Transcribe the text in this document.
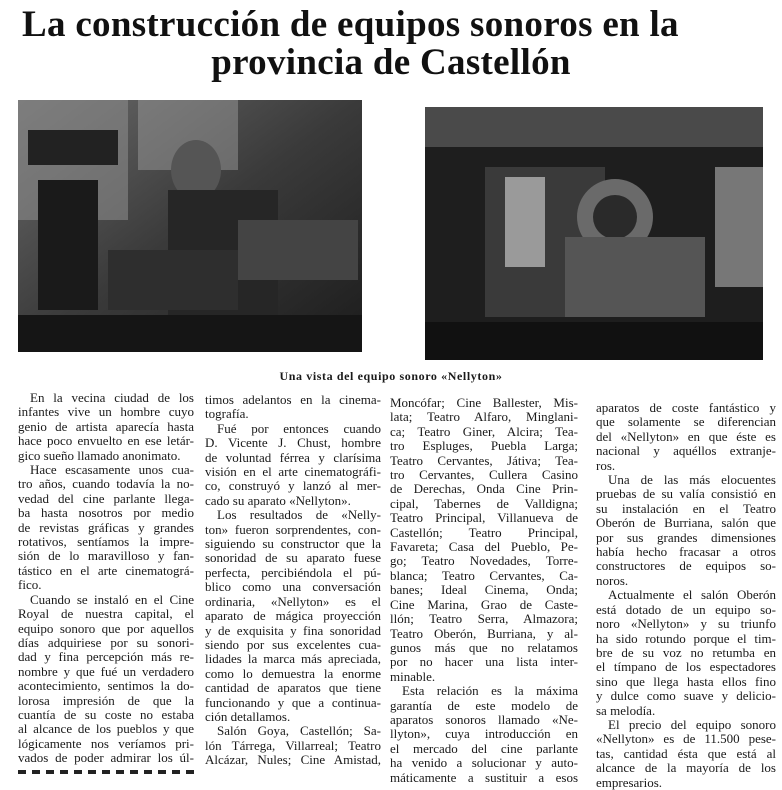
La construcción de equipos sonoros en la
provincia de Castellón
Una vista del equipo sonoro «Nellyton»
En la vecina ciudad de los
infantes vive un hombre cuyo
genio de artista aparecía hasta
hace poco envuelto en ese letár-
gico sueño llamado anonimato.
Hace escasamente unos cua-
tro años, cuando todavía la no-
vedad del cine parlante llega-
ba hasta nosotros por medio
de revistas gráficas y grandes
rotativos, sentíamos la impre-
sión de lo maravilloso y fan-
tástico en el arte cinematográ-
fico.
Cuando se instaló en el Cine
Royal de nuestra capital, el
equipo sonoro que por aquellos
días adquiriese por su sonori-
dad y fina percepción más re-
nombre y que fué un verdadero
acontecimiento, sentimos la do-
lorosa impresión de que la
cuantía de su coste no estaba
al alcance de los pueblos y que
lógicamente nos veríamos pri-
vados de poder admirar los úl-
timos adelantos en la cinema-
tografía.
Fué por entonces cuando
D. Vicente J. Chust, hombre
de voluntad férrea y clarísima
visión en el arte cinematográfi-
co, construyó y lanzó al mer-
cado su aparato «Nellyton».
Los resultados de «Nelly-
ton» fueron sorprendentes, con-
siguiendo su constructor que la
sonoridad de su aparato fuese
perfecta, percibiéndola el pú-
blico como una conversación
ordinaria, «Nellyton» es el
aparato de mágica proyección
y de exquisita y fina sonoridad
siendo por sus excelentes cua-
lidades la marca más apreciada,
como lo demuestra la enorme
cantidad de aparatos que tiene
funcionando y que a continua-
ción detallamos.
Salón Goya, Castellón; Sa-
lón Tárrega, Villarreal; Teatro
Alcázar, Nules; Cine Amistad,
Moncófar; Cine Ballester, Mis-
lata; Teatro Alfaro, Minglani-
ca; Teatro Giner, Alcira; Tea-
tro Espluges, Puebla Larga;
Teatro Cervantes, Játiva; Tea-
tro Cervantes, Cullera Casino
de Derechas, Onda Cine Prin-
cipal, Tabernes de Valldigna;
Teatro Principal, Villanueva de
Castellón; Teatro Principal,
Favareta; Casa del Pueblo, Pe-
go; Teatro Novedades, Torre-
blanca; Teatro Cervantes, Ca-
banes; Ideal Cinema, Onda;
Cine Marina, Grao de Caste-
llón; Teatro Serra, Almazora;
Teatro Oberón, Burriana, y al-
gunos más que no relatamos
por no hacer una lista inter-
minable.
Esta relación es la máxima
garantía de este modelo de
aparatos sonoros llamado «Ne-
llyton», cuya introducción en
el mercado del cine parlante
ha venido a solucionar y auto-
máticamente a sustituir a esos
aparatos de coste fantástico y
que solamente se diferencian
del «Nellyton» en que éste es
nacional y aquéllos extranje-
ros.
Una de las más elocuentes
pruebas de su valía consistió en
su instalación en el Teatro
Oberón de Burriana, salón que
por sus grandes dimensiones
había hecho fracasar a otros
constructores de equipos so-
noros.
Actualmente el salón Oberón
está dotado de un equipo so-
noro «Nellyton» y su triunfo
ha sido rotundo porque el tim-
bre de su voz no retumba en
el tímpano de los espectadores
sino que llega hasta ellos fino
y dulce como suave y delicio-
sa melodía.
El precio del equipo sonoro
«Nellyton» es de 11.500 pese-
tas, cantidad ésta que está al
alcance de la mayoría de los
empresarios.
